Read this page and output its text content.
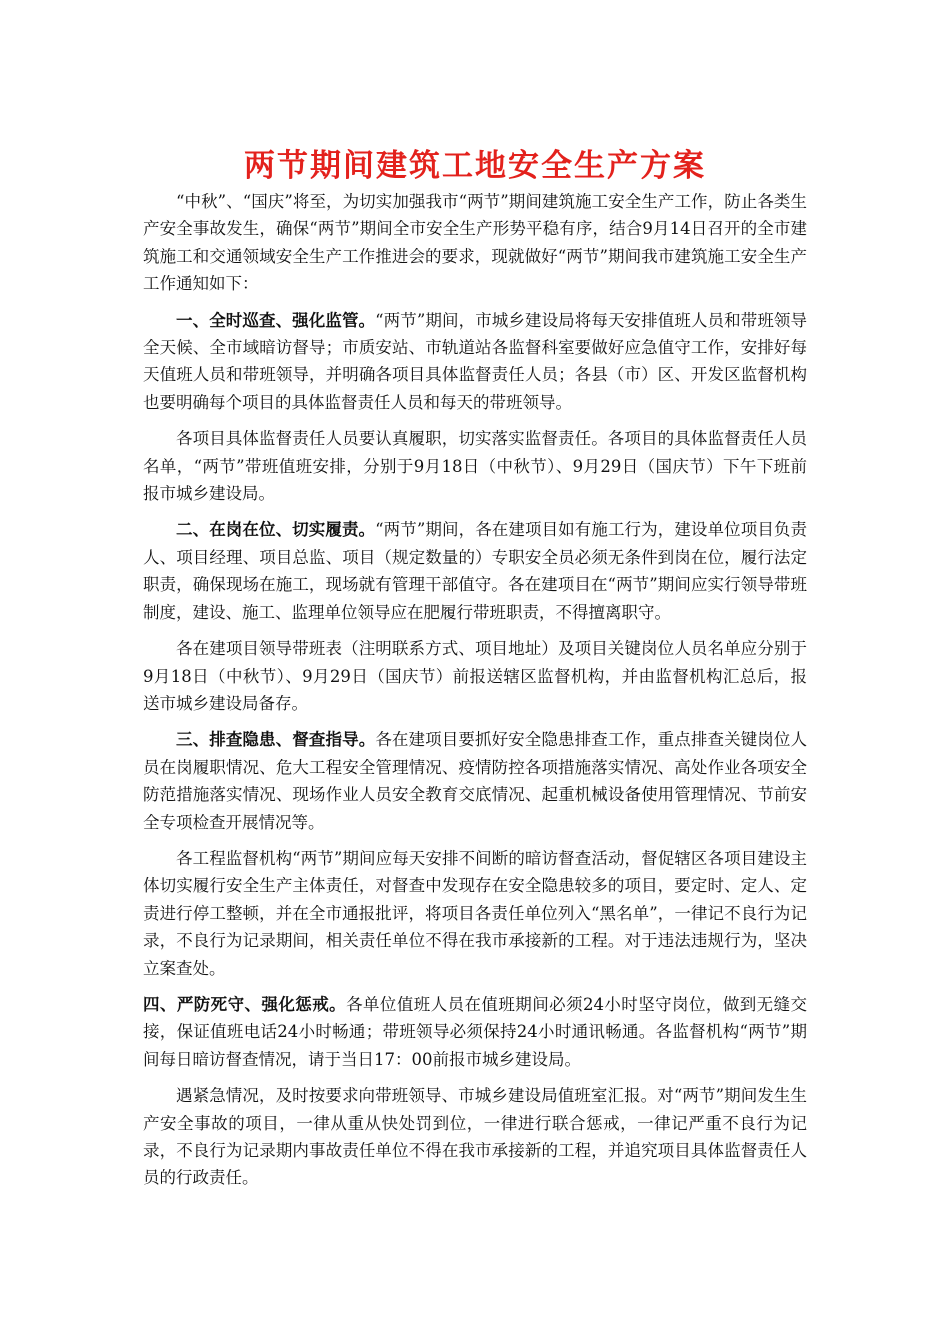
两节期间建筑工地安全生产方案

“中秋”、“国庆”将至，为切实加强我市“两节”期间建筑施工安全生产工作，防止各类生产安全事故发生，确保“两节”期间全市安全生产形势平稳有序，结合9月14日召开的全市建筑施工和交通领域安全生产工作推进会的要求，现就做好“两节”期间我市建筑施工安全生产工作通知如下：

一、全时巡查、强化监管。“两节”期间，市城乡建设局将每天安排值班人员和带班领导全天候、全市域暗访督导；市质安站、市轨道站各监督科室要做好应急值守工作，安排好每天值班人员和带班领导，并明确各项目具体监督责任人员；各县（市）区、开发区监督机构也要明确每个项目的具体监督责任人员和每天的带班领导。

各项目具体监督责任人员要认真履职，切实落实监督责任。各项目的具体监督责任人员名单，“两节”带班值班安排，分别于9月18日（中秋节）、9月29日（国庆节）下午下班前报市城乡建设局。

二、在岗在位、切实履责。“两节”期间，各在建项目如有施工行为，建设单位项目负责人、项目经理、项目总监、项目（规定数量的）专职安全员必须无条件到岗在位，履行法定职责，确保现场在施工，现场就有管理干部值守。各在建项目在“两节”期间应实行领导带班制度，建设、施工、监理单位领导应在肥履行带班职责，不得擅离职守。

各在建项目领导带班表（注明联系方式、项目地址）及项目关键岗位人员名单应分别于9月18日（中秋节）、9月29日（国庆节）前报送辖区监督机构，并由监督机构汇总后，报送市城乡建设局备存。

三、排查隐患、督查指导。各在建项目要抓好安全隐患排查工作，重点排查关键岗位人员在岗履职情况、危大工程安全管理情况、疫情防控各项措施落实情况、高处作业各项安全防范措施落实情况、现场作业人员安全教育交底情况、起重机械设备使用管理情况、节前安全专项检查开展情况等。

各工程监督机构“两节”期间应每天安排不间断的暗访督查活动，督促辖区各项目建设主体切实履行安全生产主体责任，对督查中发现存在安全隐患较多的项目，要定时、定人、定责进行停工整顿，并在全市通报批评，将项目各责任单位列入“黑名单”，一律记不良行为记录，不良行为记录期间，相关责任单位不得在我市承接新的工程。对于违法违规行为，坚决立案查处。

四、严防死守、强化惩戒。各单位值班人员在值班期间必须24小时坚守岗位，做到无缝交接，保证值班电话24小时畅通；带班领导必须保持24小时通讯畅通。各监督机构“两节”期间每日暗访督查情况，请于当日17：00前报市城乡建设局。

遇紧急情况，及时按要求向带班领导、市城乡建设局值班室汇报。对“两节”期间发生生产安全事故的项目，一律从重从快处罚到位，一律进行联合惩戒，一律记严重不良行为记录，不良行为记录期内事故责任单位不得在我市承接新的工程，并追究项目具体监督责任人员的行政责任。
